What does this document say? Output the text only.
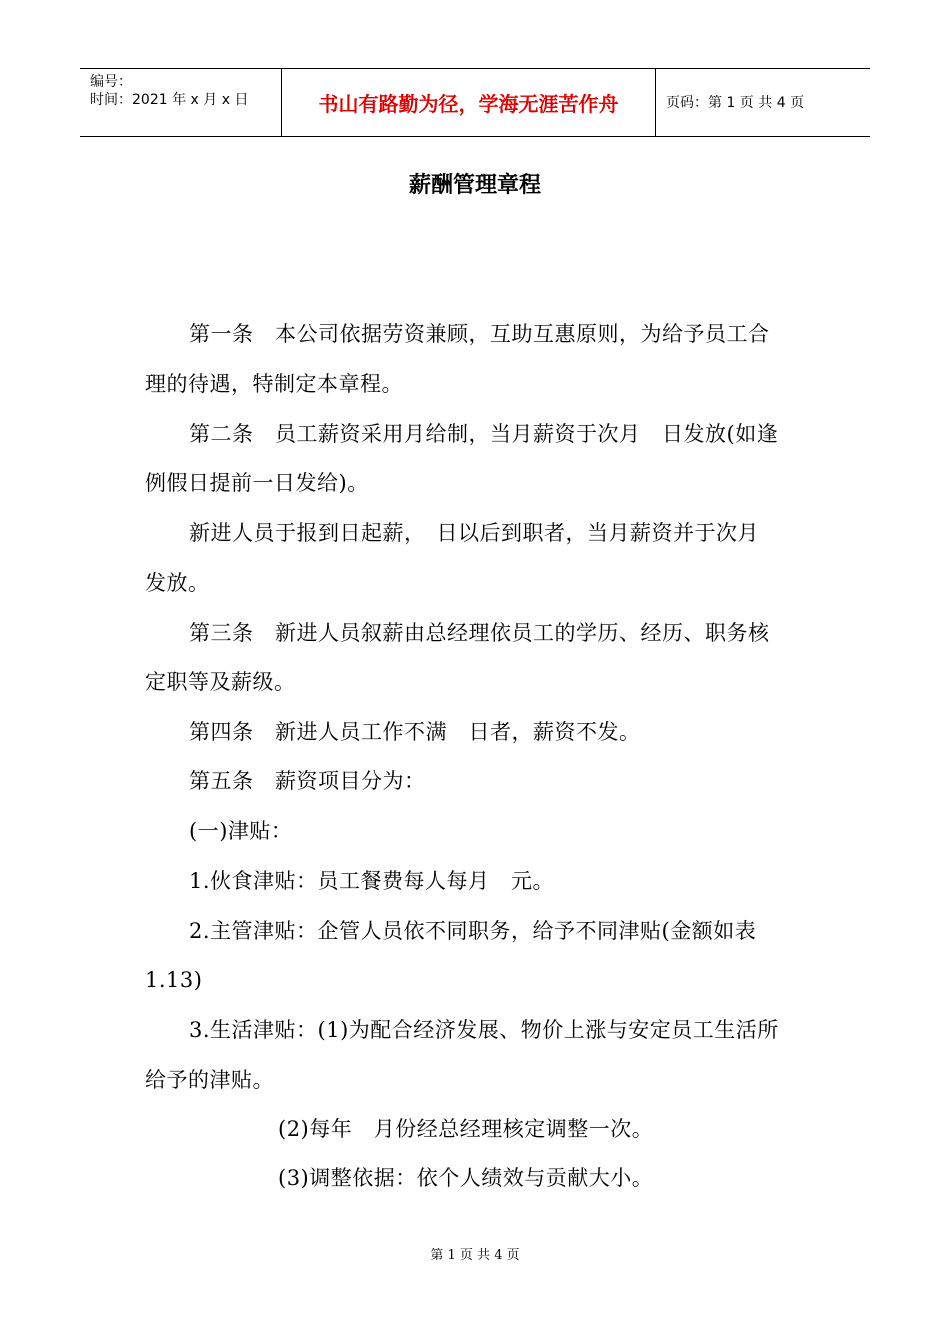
编号：
时间：2021 年 x 月 x 日	书山有路勤为径，学海无涯苦作舟	页码：第 1 页 共 4 页
薪酬管理章程
第一条　本公司依据劳资兼顾，互助互惠原则，为给予员工合
理的待遇，特制定本章程。
第二条　员工薪资采用月给制，当月薪资于次月　日发放(如逢
例假日提前一日发给)。
新进人员于报到日起薪，　日以后到职者，当月薪资并于次月
发放。
第三条　新进人员叙薪由总经理依员工的学历、经历、职务核
定职等及薪级。
第四条　新进人员工作不满　日者，薪资不发。
第五条　薪资项目分为：
(一)津贴：
1.伙食津贴：员工餐费每人每月　元。
2.主管津贴：企管人员依不同职务，给予不同津贴(金额如表
1.13)
3.生活津贴：(1)为配合经济发展、物价上涨与安定员工生活所
给予的津贴。
(2)每年　月份经总经理核定调整一次。
(3)调整依据：依个人绩效与贡献大小。
第 1 页 共 4 页
